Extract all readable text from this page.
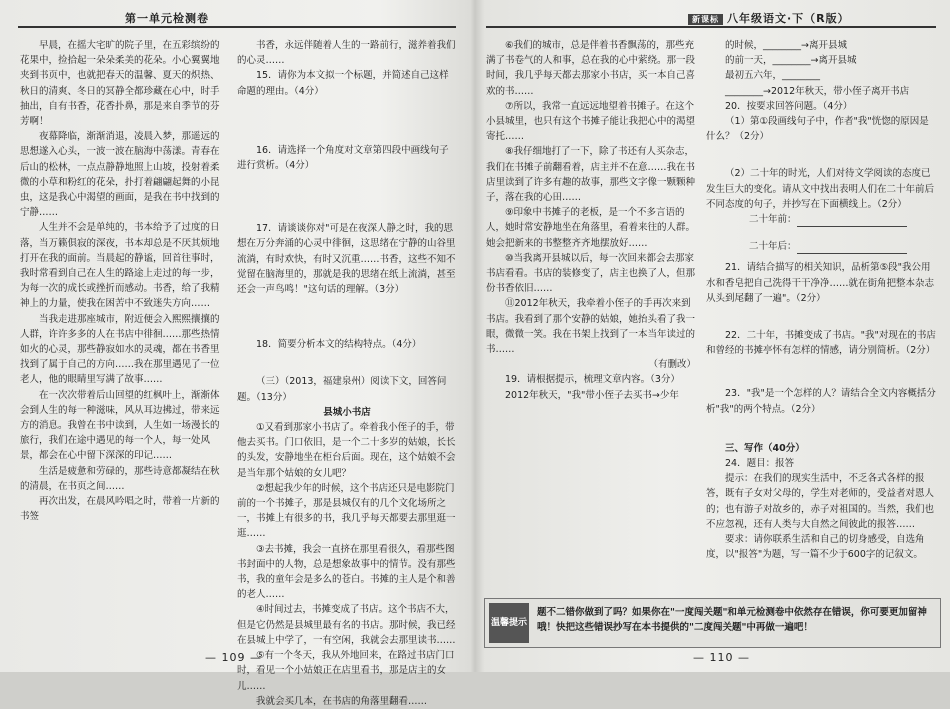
第一单元检测卷

早晨，在摇大宅旷的院子里，在五彩缤纷的花果中，捡拾起一朵朵柔美的花朵。小心翼翼地夹到书页中，也就把春天的温馨、夏天的炽热、秋日的清爽、冬日的冥静全都珍藏在心中，时手抽出，自有书香，花香扑鼻，那是来自季节的芬芳啊！

夜幕降临，渐渐消退，凌晨入梦，那遥远的思想遂入心头，一波一波在脑海中荡漾。青春在后山的松林，一点点静静地照上山坡，投射着柔微的小草和粉红的花朵，扑打着翩翩起舞的小昆虫，这是我心中渴望的画面，是我在书中找到的宁静……

人生并不会是单纯的，书本给予了过度的日落，当万籁俱寂的深夜，书本却总是不厌其烦地打开在我的面前。当晨起的静谧，回首往事时，我时常看到自己在人生的路途上走过的每一步，为每一次的成长或挫折而感动。书香，给了我精神上的力量，使我在困苦中不致迷失方向……

当我走进那座城市，附近便会入熙熙攘攘的人群，许许多多的人在书店中徘徊……那些热情如火的心灵，那些静寂如水的灵魂，都在书香里找到了属于自己的方向……我在那里遇见了一位老人，他的眼睛里写满了故事……

在一次次带着后山回望的红枫叶上，渐渐体会到人生的每一种滋味，风从耳边拂过，带来远方的消息。我曾在书中读到，人生如一场漫长的旅行，我们在途中遇见的每一个人，每一处风景，都会在心中留下深深的印记……

生活是疲惫和劳碌的，那些诗意都凝结在秋的清晨，在书页之间……

再次出发，在晨风吟唱之时，带着一片新的书签

书香，永远伴随着人生的一路前行，滋养着我们的心灵……

15．请你为本文拟一个标题，并简述自己这样命题的理由。（4分）

16．请选择一个角度对文章第四段中画线句子进行赏析。（4分）

17．请谈谈你对"可是在夜深人静之时，我的思想在万分奔涌的心灵中徘徊，这思绪在宁静的山谷里流淌，有时欢快，有时又沉重……书香，这些不知不觉留在脑海里的，那就是我的思绪在纸上流淌，甚至还会一声鸟鸣！"这句话的理解。（3分）

18．简要分析本文的结构特点。（4分）

（三）（2013，福建泉州）阅读下文，回答问题。（13分）

县城小书店

①又看到那家小书店了。牵着我小侄子的手，带他去买书。门口依旧，是一个二十多岁的姑娘，长长的头发，安静地坐在柜台后面。现在，这个姑娘不会是当年那个姑娘的女儿吧？

②想起我少年的时候，这个书店还只是电影院门前的一个书摊子，那是县城仅有的几个文化场所之一，书摊上有很多的书，我几乎每天都要去那里逛一逛……

③去书摊，我会一直挤在那里看很久，看那些图书封面中的人物，总是想象故事中的情节。没有那些书，我的童年会是多么的苍白。书摊的主人是个和善的老人……

④时间过去，书摊变成了书店。这个书店不大，但是它仍然是县城里最有名的书店。那时候，我已经在县城上中学了，一有空闲，我就会去那里读书……

⑤有一个冬天，我从外地回来，在路过书店门口时，看见一个小姑娘正在店里看书，那是店主的女儿……

我就会买几本，在书店的角落里翻看……

— 109 —
新课标 八年级语文·下（R版）

⑥我们的城市，总是伴着书香飘荡的，那些充满了书卷气的人和事，总在我的心中萦绕。那一段时间，我几乎每天都去那家小书店，买一本自己喜欢的书……

⑦所以，我常一直远远地望着书摊子。在这个小县城里，也只有这个书摊子能让我把心中的渴望寄托……

⑧我仔细地打了一下，除了书还有人买杂志，我们在书摊子前翻看着，店主并不在意……我在书店里读到了许多有趣的故事，那些文字像一颗颗种子，落在我的心田……

⑨印象中书摊子的老板，是一个不多言语的人，她时常安静地坐在角落里，看着来往的人群。她会把新来的书整整齐齐地摆放好……

⑩当我离开县城以后，每一次回来都会去那家书店看看。书店的装修变了，店主也换了人，但那份书香依旧……

⑪2012年秋天，我牵着小侄子的手再次来到书店。我看到了那个安静的姑娘，她抬头看了我一眼，微微一笑。我在书架上找到了一本当年读过的书……

（有删改）

19．请根据提示，梳理文章内容。（3分）

2012年秋天，"我"带小侄子去买书→少年

的时候，________→离开县城

的前一天，________→离开县城

最初五六年，________

________→2012年秋天，带小侄子离开书店

20．按要求回答问题。（4分）

（1）第①段画线句子中，作者"我"恍惚的原因是什么？（2分）

（2）二十年的时光，人们对待文学阅读的态度已发生巨大的变化。请从文中找出表明人们在二十年前后不同态度的句子，并抄写在下面横线上。（2分）

二十年前：

二十年后：

21．请结合描写的相关知识，品析第⑤段"我公用水和香皂把自己洗得干干净净……就在街角把整本杂志从头到尾翻了一遍"。（2分）

22．二十年，书摊变成了书店。"我"对现在的书店和曾经的书摊亭怀有怎样的情感，请分别简析。（2分）

23．"我"是一个怎样的人？请结合全文内容概括分析"我"的两个特点。（2分）

三、写作（40分）

24．题目：报答

提示：在我们的现实生活中，不乏各式各样的报答，既有子女对父母的，学生对老师的，受益者对恩人的；也有游子对故乡的，赤子对祖国的。当然，我们也不应忽视，还有人类与大自然之间彼此的报答……

要求：请你联系生活和自己的切身感受，自选角度，以"报答"为题，写一篇不少于600字的记叙文。

温馨提示
题不二错你做到了吗？如果你在"一度闯关题"和单元检测卷中依然存在错误，你可要更加留神哦！快把这些错误抄写在本书提供的"二度闯关题"中再做一遍吧！
— 110 —
